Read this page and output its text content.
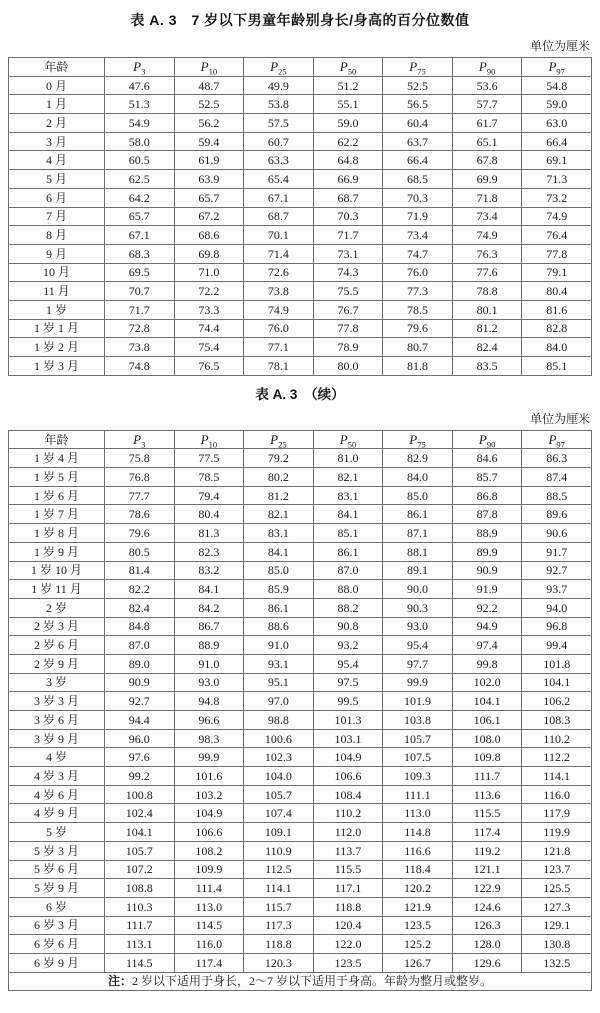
表 A. 3　7 岁以下男童年龄别身长/身高的百分位数值
单位为厘米
年龄	$P_3$	$P_{10}$	$P_{25}$	$P_{50}$	$P_{75}$	$P_{90}$	$P_{97}$
0 月	47.6	48.7	49.9	51.2	52.5	53.6	54.8
1 月	51.3	52.5	53.8	55.1	56.5	57.7	59.0
2 月	54.9	56.2	57.5	59.0	60.4	61.7	63.0
3 月	58.0	59.4	60.7	62.2	63.7	65.1	66.4
4 月	60.5	61.9	63.3	64.8	66.4	67.8	69.1
5 月	62.5	63.9	65.4	66.9	68.5	69.9	71.3
6 月	64.2	65.7	67.1	68.7	70.3	71.8	73.2
7 月	65.7	67.2	68.7	70.3	71.9	73.4	74.9
8 月	67.1	68.6	70.1	71.7	73.4	74.9	76.4
9 月	68.3	69.8	71.4	73.1	74.7	76.3	77.8
10 月	69.5	71.0	72.6	74.3	76.0	77.6	79.1
11 月	70.7	72.2	73.8	75.5	77.3	78.8	80.4
1 岁	71.7	73.3	74.9	76.7	78.5	80.1	81.6
1 岁 1 月	72.8	74.4	76.0	77.8	79.6	81.2	82.8
1 岁 2 月	73.8	75.4	77.1	78.9	80.7	82.4	84.0
1 岁 3 月	74.8	76.5	78.1	80.0	81.8	83.5	85.1
表 A. 3　（续）
单位为厘米
年龄	$P_3$	$P_{10}$	$P_{25}$	$P_{50}$	$P_{75}$	$P_{90}$	$P_{97}$
1 岁 4 月	75.8	77.5	79.2	81.0	82.9	84.6	86.3
1 岁 5 月	76.8	78.5	80.2	82.1	84.0	85.7	87.4
1 岁 6 月	77.7	79.4	81.2	83.1	85.0	86.8	88.5
1 岁 7 月	78.6	80.4	82.1	84.1	86.1	87.8	89.6
1 岁 8 月	79.6	81.3	83.1	85.1	87.1	88.9	90.6
1 岁 9 月	80.5	82.3	84.1	86.1	88.1	89.9	91.7
1 岁 10 月	81.4	83.2	85.0	87.0	89.1	90.9	92.7
1 岁 11 月	82.2	84.1	85.9	88.0	90.0	91.9	93.7
2 岁	82.4	84.2	86.1	88.2	90.3	92.2	94.0
2 岁 3 月	84.8	86.7	88.6	90.8	93.0	94.9	96.8
2 岁 6 月	87.0	88.9	91.0	93.2	95.4	97.4	99.4
2 岁 9 月	89.0	91.0	93.1	95.4	97.7	99.8	101.8
3 岁	90.9	93.0	95.1	97.5	99.9	102.0	104.1
3 岁 3 月	92.7	94.8	97.0	99.5	101.9	104.1	106.2
3 岁 6 月	94.4	96.6	98.8	101.3	103.8	106.1	108.3
3 岁 9 月	96.0	98.3	100.6	103.1	105.7	108.0	110.2
4 岁	97.6	99.9	102.3	104.9	107.5	109.8	112.2
4 岁 3 月	99.2	101.6	104.0	106.6	109.3	111.7	114.1
4 岁 6 月	100.8	103.2	105.7	108.4	111.1	113.6	116.0
4 岁 9 月	102.4	104.9	107.4	110.2	113.0	115.5	117.9
5 岁	104.1	106.6	109.1	112.0	114.8	117.4	119.9
5 岁 3 月	105.7	108.2	110.9	113.7	116.6	119.2	121.8
5 岁 6 月	107.2	109.9	112.5	115.5	118.4	121.1	123.7
5 岁 9 月	108.8	111.4	114.1	117.1	120.2	122.9	125.5
6 岁	110.3	113.0	115.7	118.8	121.9	124.6	127.3
6 岁 3 月	111.7	114.5	117.3	120.4	123.5	126.3	129.1
6 岁 6 月	113.1	116.0	118.8	122.0	125.2	128.0	130.8
6 岁 9 月	114.5	117.4	120.3	123.5	126.7	129.6	132.5
注：2 岁以下适用于身长，2～7 岁以下适用于身高。年龄为整月或整岁。							
